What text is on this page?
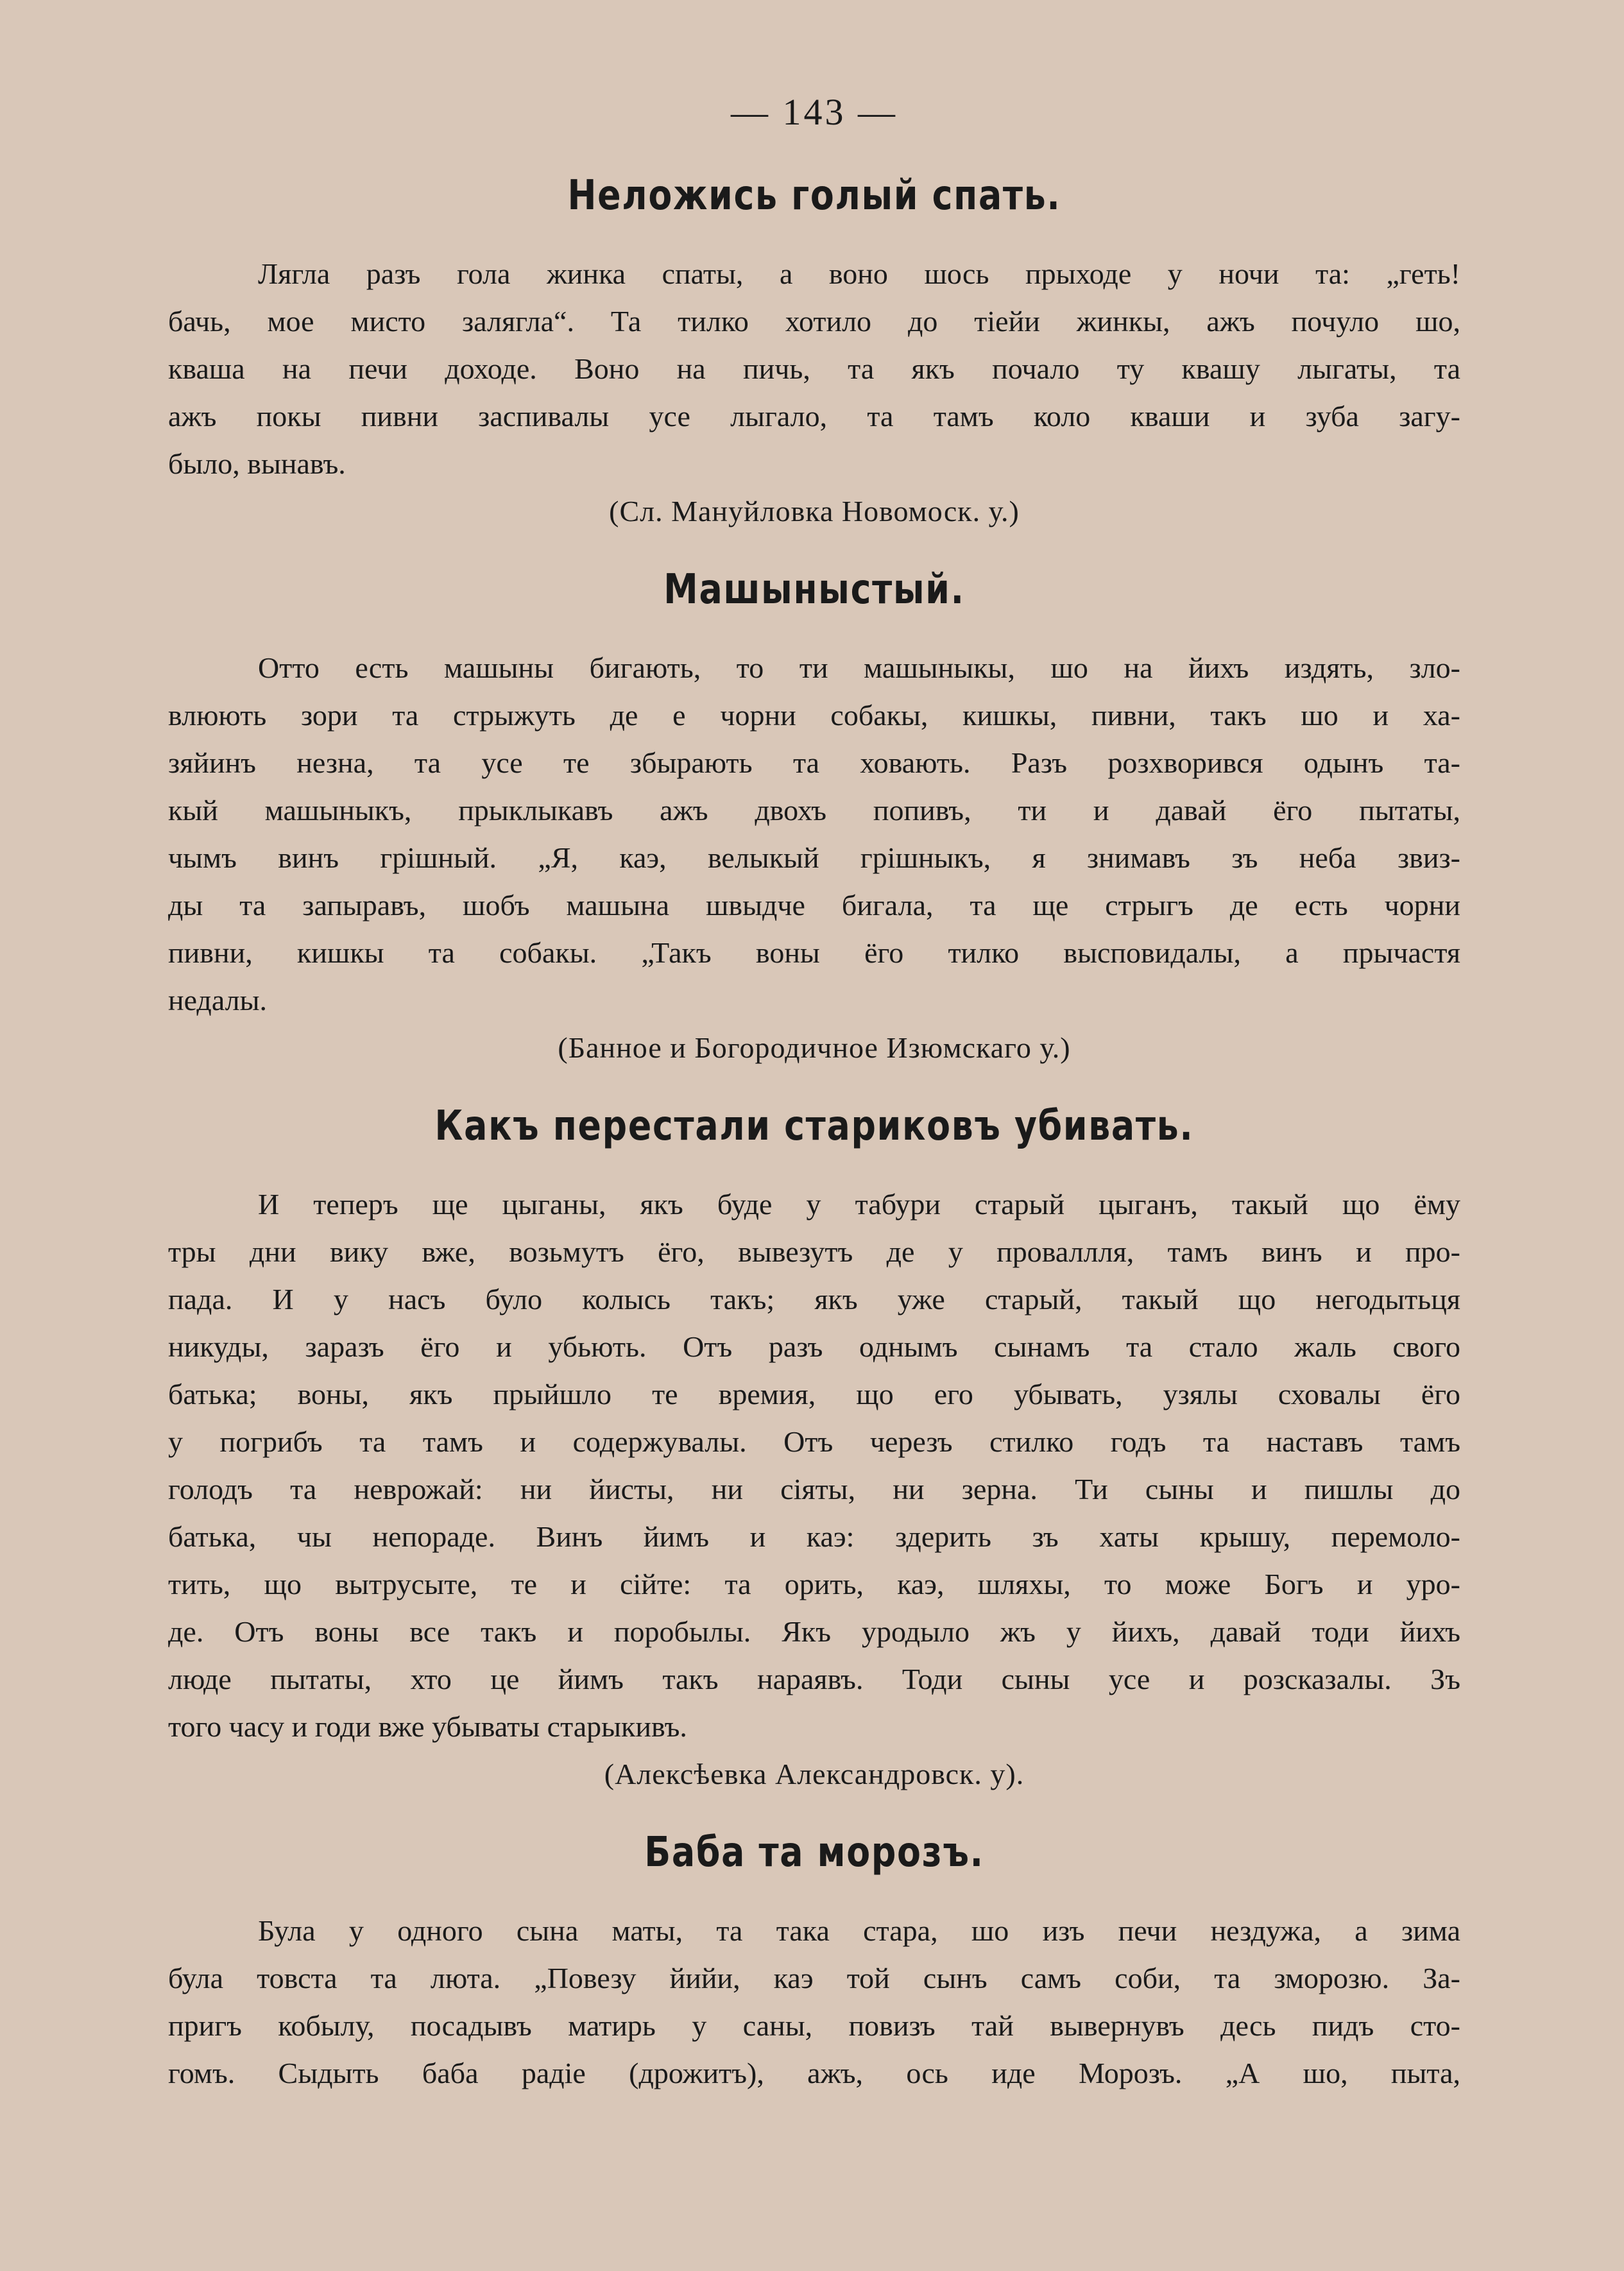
— 143 —
Неложись голый спать.
Лягла разъ гола жинка спаты, а воно шось прыходе у ночи та: „геть!
бачь, мое мисто залягла“. Та тилко хотило до тіейи жинкы, ажъ почуло шо,
кваша на печи доходе. Воно на пичь, та якъ почало ту квашу лыгаты, та
ажъ покы пивни заспивалы усе лыгало, та тамъ коло кваши и зуба загу-
былo, вынавъ.
(Сл. Мануйловка Новомоск. у.)
Машыныстый.
Отто есть машыны бигають, то ти машыныкы, шо на йихъ издять, зло-
влюють зори та стрыжуть де е чорни собакы, кишкы, пивни, такъ шо и ха-
зяйинъ незна, та усе те збырають та ховають. Разъ розхворився одынъ та-
кый машыныкъ, прыклыкавъ ажъ двохъ попивъ, ти и давай ёго пытаты,
чымъ винъ грішный. „Я, каэ, велыкый грішныкъ, я знимавъ зъ неба звиз-
ды та запыравъ, шобъ машына швыдче бигала, та ще стрыгъ де есть чорни
пивни, кишкы та собакы. „Такъ воны ёго тилко выcповидалы, а прычастя
недалы.
(Банное и Богородичное Изюмскаго у.)
Какъ перестали стариковъ убивать.
И теперъ ще цыганы, якъ буде у табури старый цыганъ, такый що ёму
тры дни вику вже, возьмутъ ёго, вывезутъ де у проваллля, тамъ винъ и про-
пада. И у насъ було колысь такъ; якъ уже старый, такый що негодытьця
никуды, заразъ ёго и убьють. Отъ разъ однымъ сынамъ та стало жаль свого
батька; воны, якъ прыйшло те времия, що его убывать, узялы сховалы ёго
у погрибъ та тамъ и содержувалы. Отъ черезъ стилко годъ та наставъ тамъ
голодъ та неврожай: ни йисты, ни сіяты, ни зерна. Ти сыны и пишлы до
батька, чы непораде. Винъ йимъ и каэ: здерить зъ хаты крышу, перемоло-
тить, що вытрусыте, те и сійте: та орить, каэ, шляхы, то може Богъ и уро-
де. Отъ воны все такъ и поробылы. Якъ уродыло жъ у йихъ, давай тоди йихъ
люде пытаты, хто це йимъ такъ нараявъ. Тоди сыны усе и розсказалы. Зъ
того часу и годи вже убываты старыкивъ.
(Алексѣевка Александровск. у).
Баба та морозъ.
Була у одного сына маты, та така стара, шо изъ печи нездужа, а зима
була товста та люта. „Повезу йийи, каэ той сынъ самъ соби, та зморозю. За-
пригъ кобылу, посадывъ матирь у саны, повизъ тай вывернувъ десь пидъ сто-
гомъ. Сыдыть баба радіе (дрожитъ), ажъ, ось иде Морозъ. „А шо, пыта,
